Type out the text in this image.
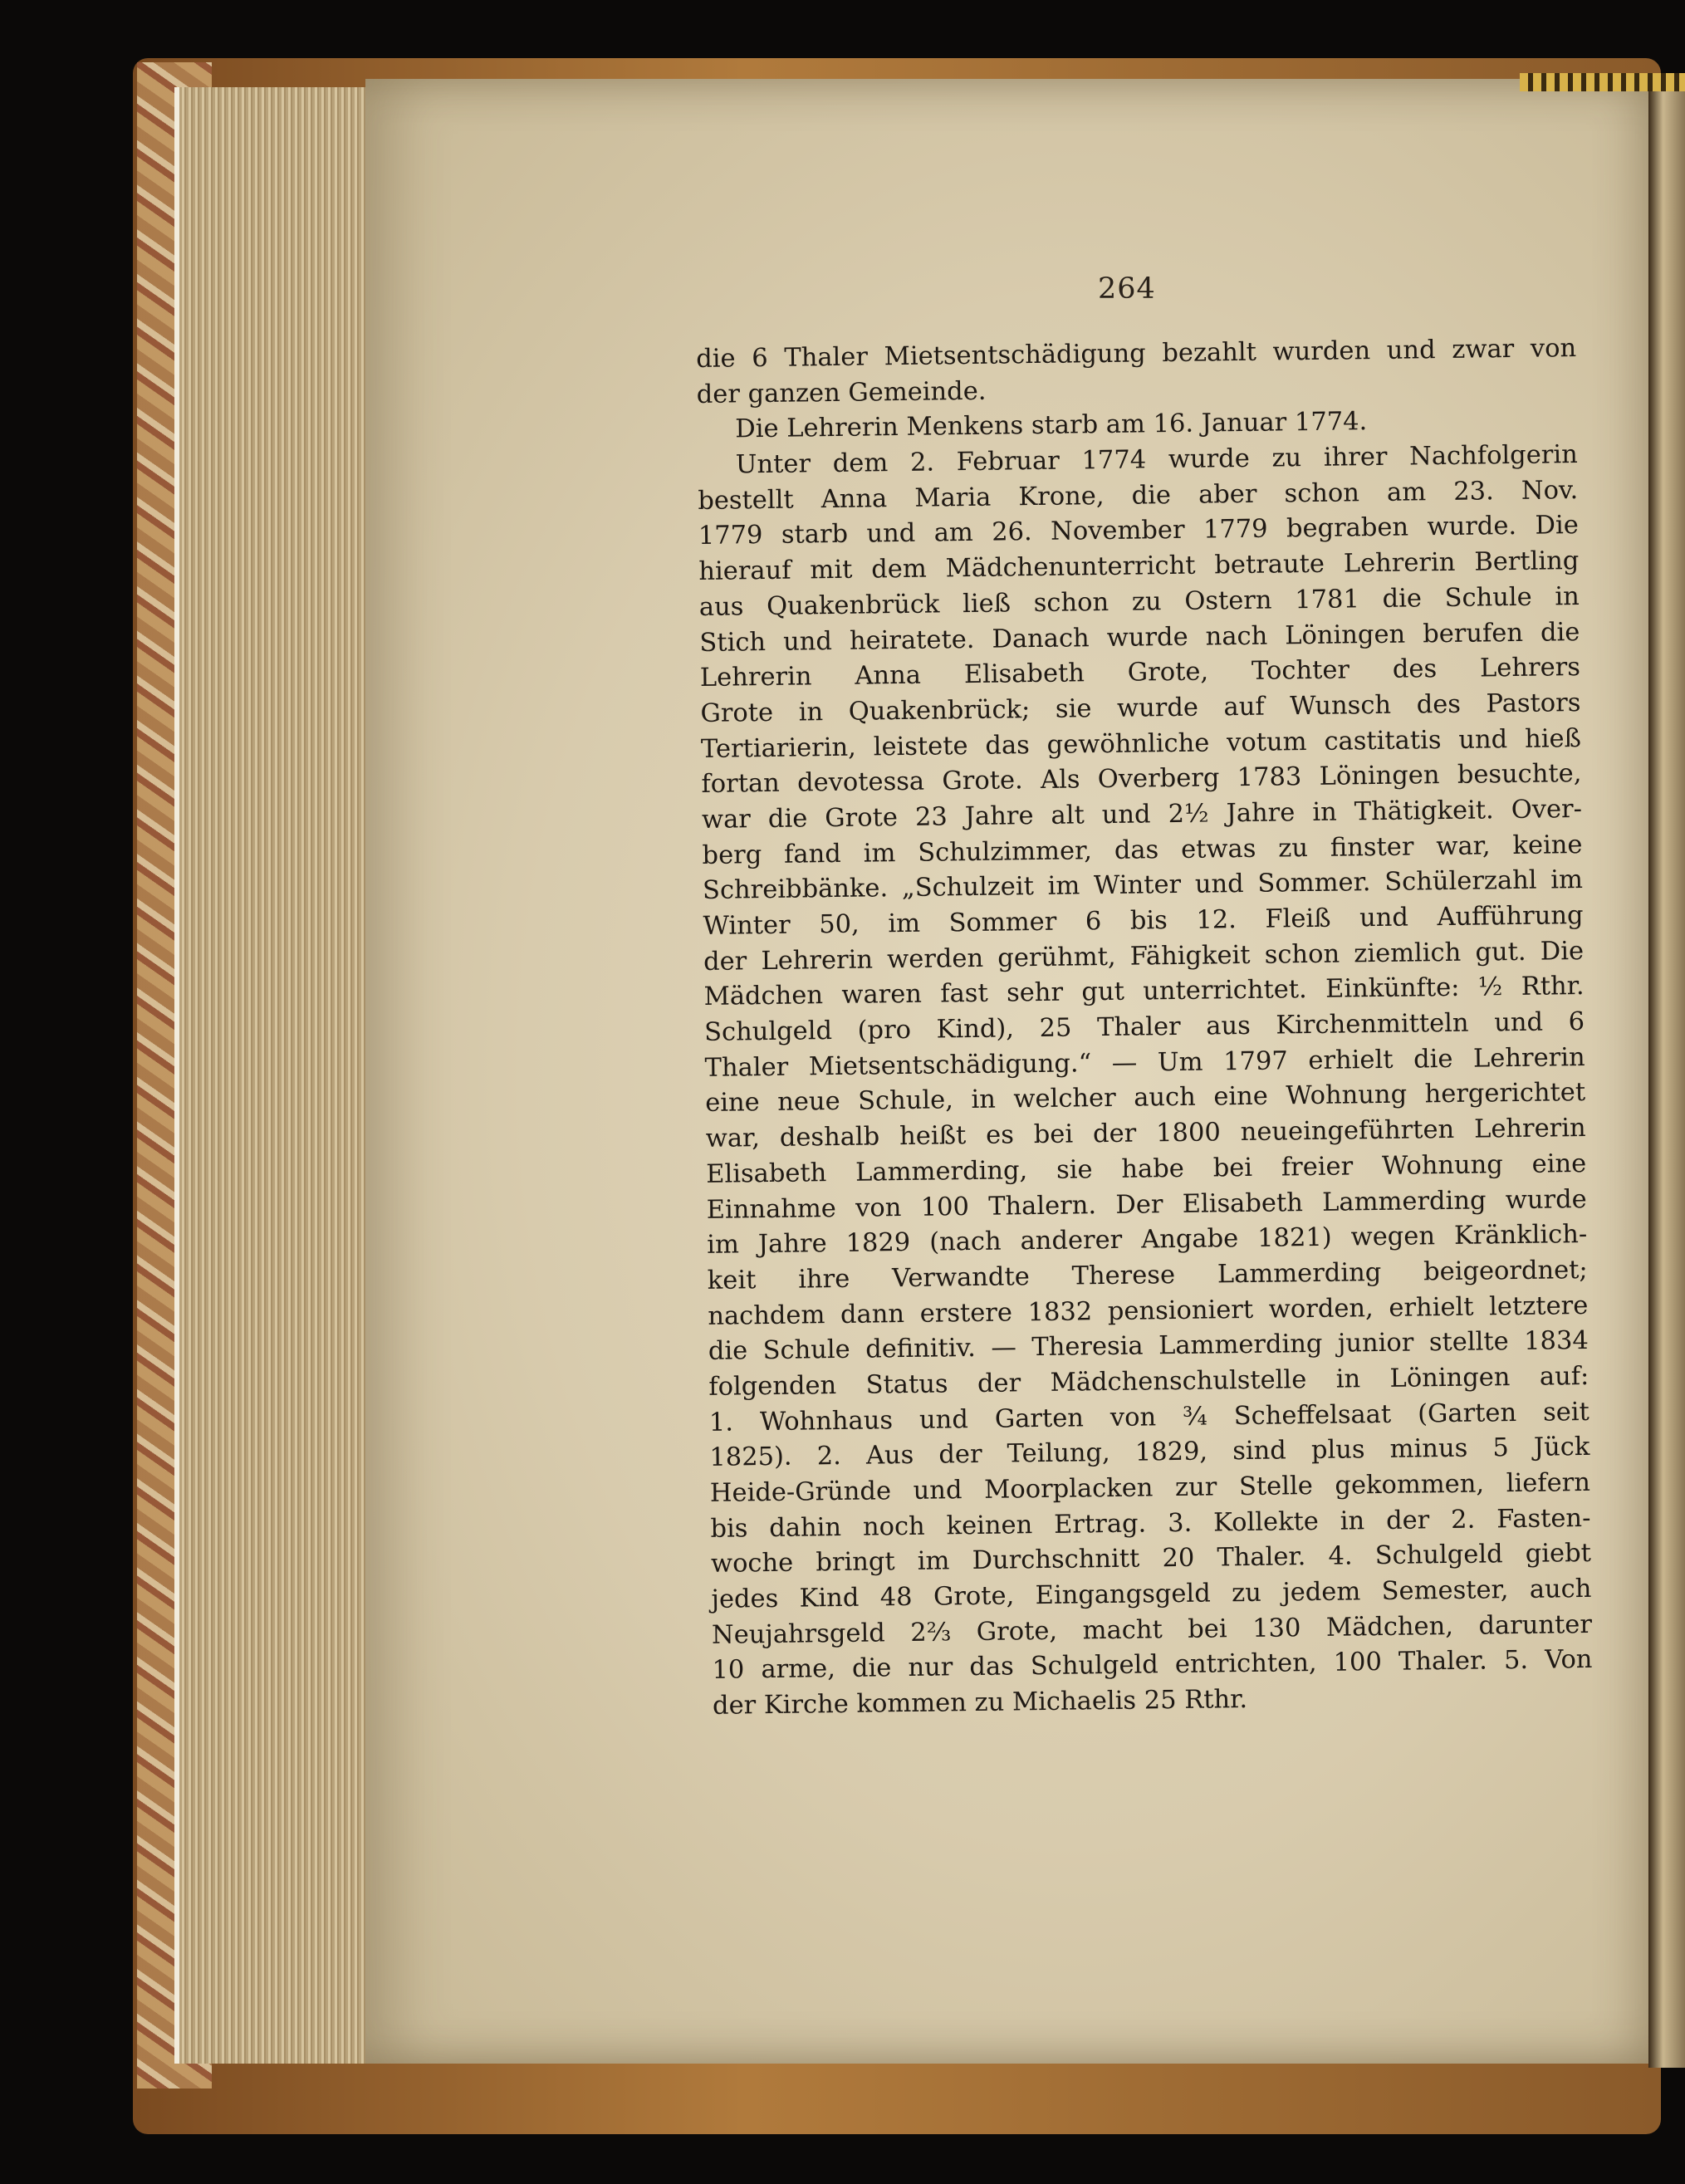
264
die 6 Thaler Mietsentschädigung bezahlt wurden und zwar von
der ganzen Gemeinde.
Die Lehrerin Menkens starb am 16. Januar 1774.
Unter dem 2. Februar 1774 wurde zu ihrer Nachfolgerin
bestellt Anna Maria Krone, die aber schon am 23. Nov.
1779 starb und am 26. November 1779 begraben wurde. Die
hierauf mit dem Mädchenunterricht betraute Lehrerin Bertling
aus Quakenbrück ließ schon zu Ostern 1781 die Schule in
Stich und heiratete. Danach wurde nach Löningen berufen die
Lehrerin Anna Elisabeth Grote, Tochter des Lehrers
Grote in Quakenbrück; sie wurde auf Wunsch des Pastors
Tertiarierin, leistete das gewöhnliche votum castitatis und hieß
fortan devotessa Grote. Als Overberg 1783 Löningen besuchte,
war die Grote 23 Jahre alt und 2½ Jahre in Thätigkeit. Over-
berg fand im Schulzimmer, das etwas zu finster war, keine
Schreibbänke. „Schulzeit im Winter und Sommer. Schülerzahl im
Winter 50, im Sommer 6 bis 12. Fleiß und Aufführung
der Lehrerin werden gerühmt, Fähigkeit schon ziemlich gut. Die
Mädchen waren fast sehr gut unterrichtet. Einkünfte: ½ Rthr.
Schulgeld (pro Kind), 25 Thaler aus Kirchenmitteln und 6
Thaler Mietsentschädigung.“ — Um 1797 erhielt die Lehrerin
eine neue Schule, in welcher auch eine Wohnung hergerichtet
war, deshalb heißt es bei der 1800 neueingeführten Lehrerin
Elisabeth Lammerding, sie habe bei freier Wohnung eine
Einnahme von 100 Thalern. Der Elisabeth Lammerding wurde
im Jahre 1829 (nach anderer Angabe 1821) wegen Kränklich-
keit ihre Verwandte Therese Lammerding beigeordnet;
nachdem dann erstere 1832 pensioniert worden, erhielt letztere
die Schule definitiv. — Theresia Lammerding junior stellte 1834
folgenden Status der Mädchenschulstelle in Löningen auf:
1. Wohnhaus und Garten von ¾ Scheffelsaat (Garten seit
1825). 2. Aus der Teilung, 1829, sind plus minus 5 Jück
Heide-Gründe und Moorplacken zur Stelle gekommen, liefern
bis dahin noch keinen Ertrag. 3. Kollekte in der 2. Fasten-
woche bringt im Durchschnitt 20 Thaler. 4. Schulgeld giebt
jedes Kind 48 Grote, Eingangsgeld zu jedem Semester, auch
Neujahrsgeld 2⅔ Grote, macht bei 130 Mädchen, darunter
10 arme, die nur das Schulgeld entrichten, 100 Thaler. 5. Von
der Kirche kommen zu Michaelis 25 Rthr.
